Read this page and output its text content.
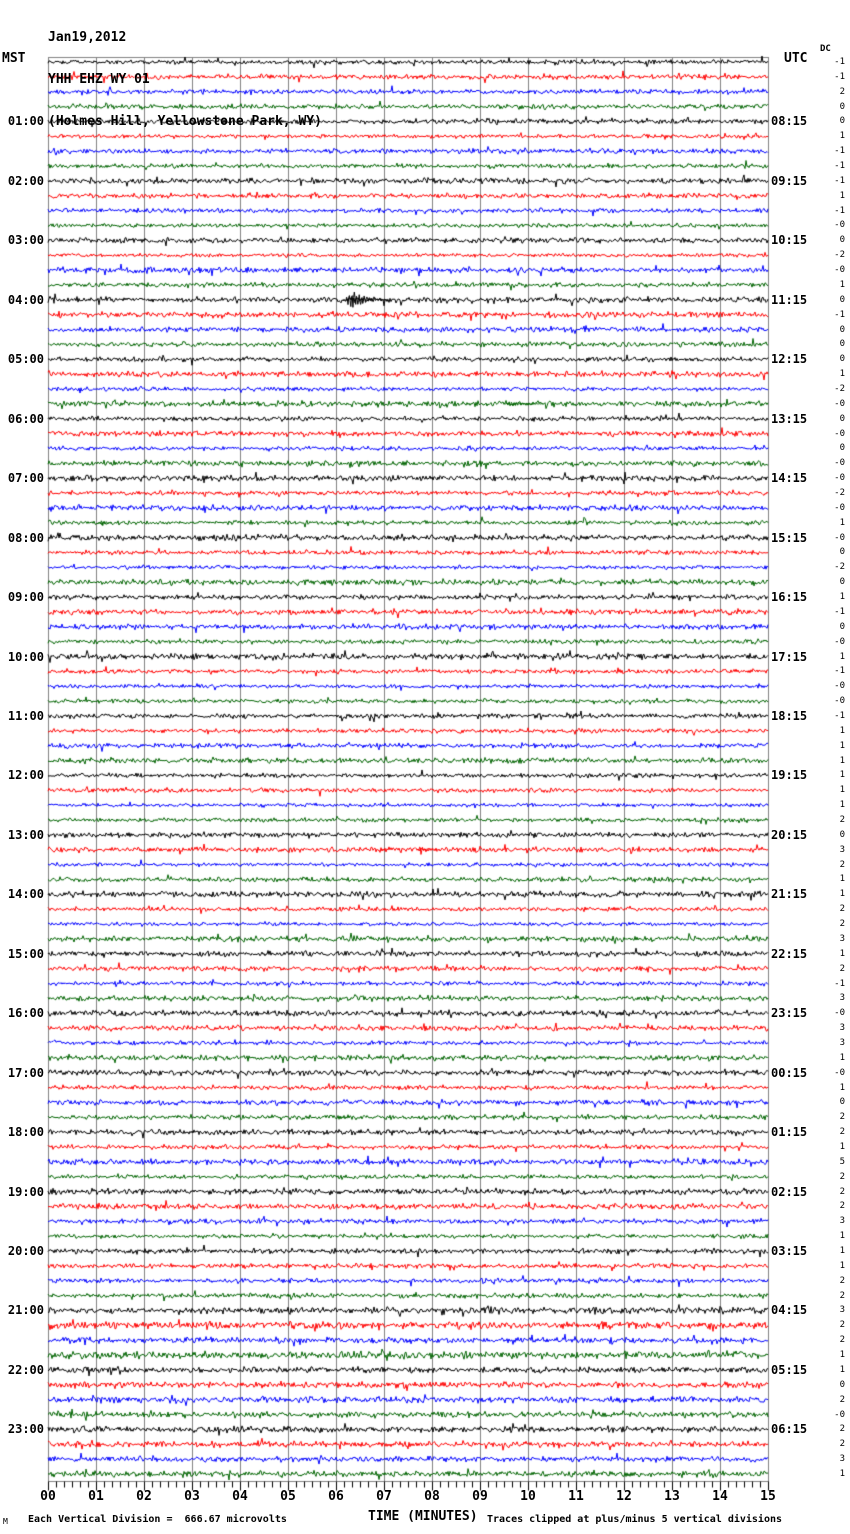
Jan19,2012

YHH EHZ WY 01

(Holmes Hill, Yellowstone Park, WY)

MST	UTC
DC
01:00
02:00
03:00
04:00
05:00
06:00
07:00
08:00
09:00
10:00
11:00
12:00
13:00
14:00
15:00
16:00
17:00
18:00
19:00
20:00
21:00
22:00
23:00
08:15
09:15
10:15
11:15
12:15
13:15
14:15
15:15
16:15
17:15
18:15
19:15
20:15
21:15
22:15
23:15
00:15
01:15
02:15
03:15
04:15
05:15
06:15
-1
-1
2
0
0
1
-1
-1
-1
1
-1
-0
0
-2
-0
1
0
-1
0
0
0
1
-2
-0
0
-0
0
-0
-0
-2
-0
1
-0
0
-2
0
1
-1
0
-0
1
-1
-0
-0
-1
1
1
1
1
1
1
2
0
3
2
1
1
2
2
3
1
2
-1
3
-0
3
3
1
-0
1
0
2
2
1
5
2
2
2
3
1
1
1
2
2
3
2
2
1
1
0
2
-0
2
2
3
1
00	01	02	03	04	05	06	07	08	09	10	11	12	13	14	15
M Each Vertical Division =  666.67 microvolts	TIME (MINUTES) Traces clipped at plus/minus 5 vertical divisions
